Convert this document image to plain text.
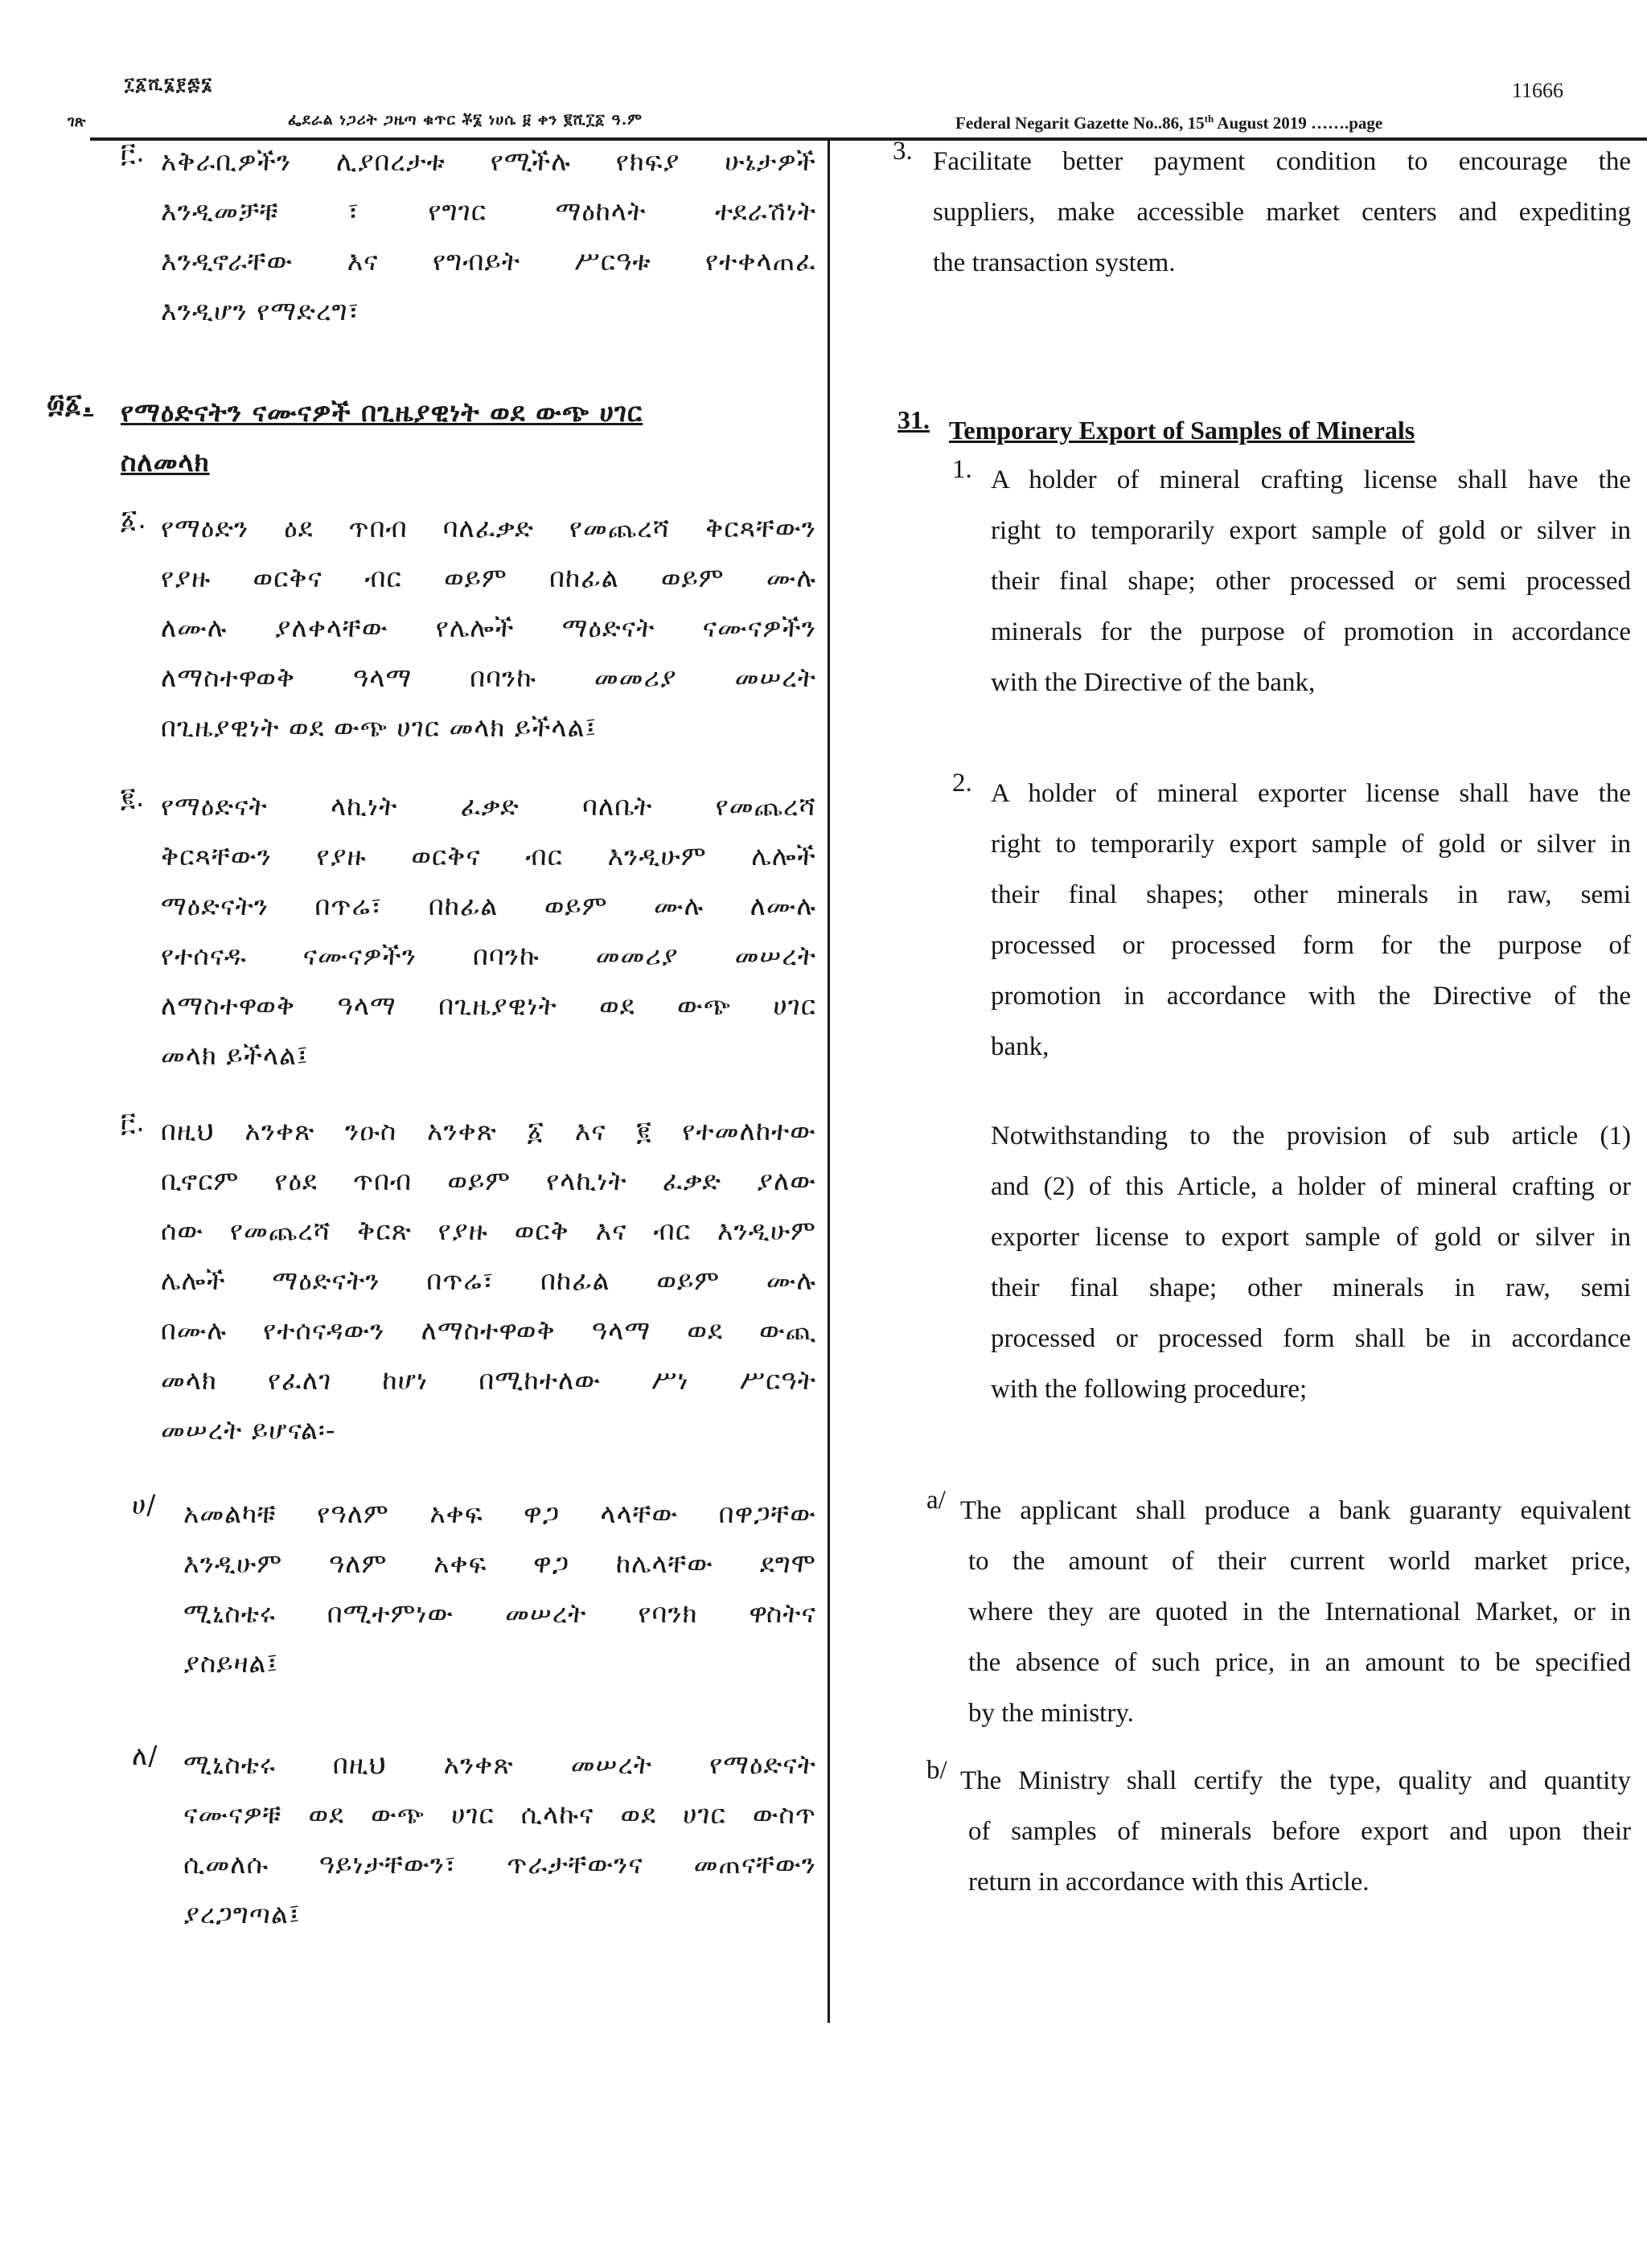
፲፩ሺ፮፻፷፮	11666
ገጽ	ፌደራል ነጋሪት ጋዜጣ ቁጥር ቾ፮ ነሀሴ ፱ ቀን ፪ሺ፲፩ ዓ.ም	Federal Negarit Gazette No..86, 15th August 2019 …….page
፫. አቅራቢዎችን ሊያበረታቱ የሚችሉ የክፍያ ሁኔታዎች
እንዲመቻቹ ፣ የግገር ማዕከላት ተደራሽነት
እንዲኖራቸው እና የግብይት ሥርዓቱ የተቀላጠፈ
እንዲሆን የማድረግ፣
፴፩. የማዕድናትን ናሙናዎች በጊዜያዊነት ወደ ውጭ ሀገር
ስለመላክ
፩. የማዕድን ዕደ ጥበብ ባለፈቃድ የመጨረሻ ቅርጻቸውን
የያዙ ወርቅና ብር ወይም በከፊል ወይም ሙሉ
ለሙሉ ያለቀላቸው የሌሎች ማዕድናት ናሙናዎችን
ለማስተዋወቅ ዓላማ በባንኩ መመሪያ መሠረት
በጊዜያዊነት ወደ ውጭ ሀገር መላክ ይችላል፤
፪. የማዕድናት ላኪነት ፈቃድ ባለቤት የመጨረሻ
ቅርጻቸውን የያዙ ወርቅና ብር እንዲሁም ሌሎች
ማዕድናትን በጥሬ፣ በከፊል ወይም ሙሉ ለሙሉ
የተሰናዱ ናሙናዎችን በባንኩ መመሪያ መሠረት
ለማስተዋወቅ ዓላማ በጊዜያዊነት ወደ ውጭ ሀገር
መላክ ይችላል፤
፫. በዚህ አንቀጽ ንዑስ አንቀጽ ፩ እና ፪ የተመለከተው
ቢኖርም የዕደ ጥበብ ወይም የላኪነት ፈቃድ ያለው
ሰው የመጨረሻ ቅርጽ የያዙ ወርቅ እና ብር እንዲሁም
ሌሎች ማዕድናትን በጥሬ፣ በከፊል ወይም ሙሉ
በሙሉ የተሰናዳውን ለማስተዋወቅ ዓላማ ወደ ውጪ
መላክ የፈለገ ከሆነ በሚከተለው ሥነ ሥርዓት
መሠረት ይሆናል፡-
ሀ/ አመልካቹ የዓለም አቀፍ ዋጋ ላላቸው በዋጋቸው
እንዲሁም ዓለም አቀፍ ዋጋ ከሌላቸው ደግሞ
ሚኒስቴሩ በሚተምነው መሠረት የባንክ ዋስትና
ያስይዛል፤
ለ/ ሚኒስቴሩ በዚህ አንቀጽ መሠረት የማዕድናት
ናሙናዎቹ ወደ ውጭ ሀገር ሲላኩና ወደ ሀገር ውስጥ
ሲመለሱ ዓይነታቸውን፣ ጥራታቸውንና መጠናቸውን
ያረጋግጣል፤
3. Facilitate better payment condition to encourage the
suppliers, make accessible market centers and expediting
the transaction system.
31. Temporary Export of Samples of Minerals
1. A holder of mineral crafting license shall have the
right to temporarily export sample of gold or silver in
their final shape; other processed or semi processed
minerals for the purpose of promotion in accordance
with the Directive of the bank,
2. A holder of mineral exporter license shall have the
right to temporarily export sample of gold or silver in
their final shapes; other minerals in raw, semi
processed or processed form for the purpose of
promotion in accordance with the Directive of the
bank,
Notwithstanding to the provision of sub article (1)
and (2) of this Article, a holder of mineral crafting or
exporter license to export sample of gold or silver in
their final shape; other minerals in raw, semi
processed or processed form shall be in accordance
with the following procedure;
a/ The applicant shall produce a bank guaranty equivalent
to the amount of their current world market price,
where they are quoted in the International Market, or in
the absence of such price, in an amount to be specified
by the ministry.
b/ The Ministry shall certify the type, quality and quantity
of samples of minerals before export and upon their
return in accordance with this Article.
